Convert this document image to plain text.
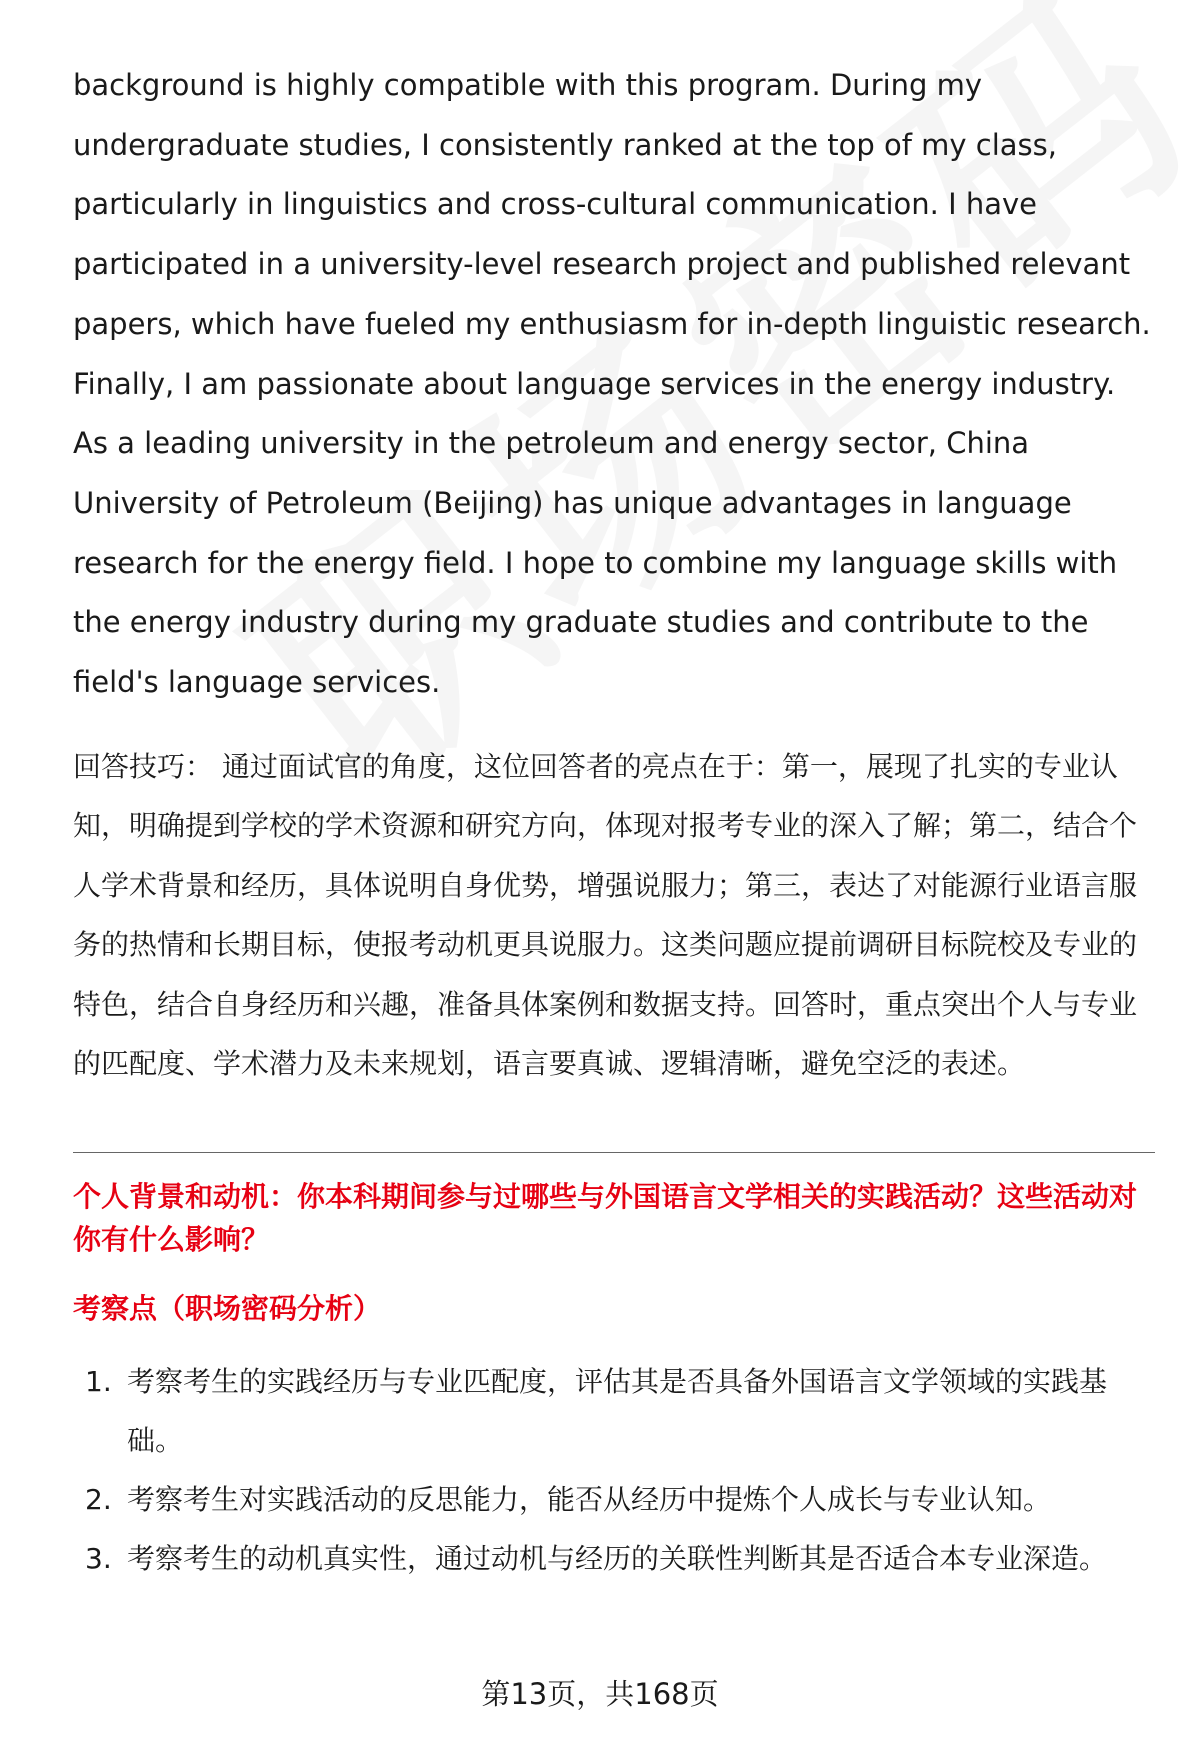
background is highly compatible with this program. During my undergraduate studies, I consistently ranked at the top of my class, particularly in linguistics and cross-cultural communication. I have participated in a university-level research project and published relevant papers, which have fueled my enthusiasm for in-depth linguistic research. Finally, I am passionate about language services in the energy industry. As a leading university in the petroleum and energy sector, China University of Petroleum (Beijing) has unique advantages in language research for the energy field. I hope to combine my language skills with the energy industry during my graduate studies and contribute to the field's language services.

回答技巧： 通过面试官的角度，这位回答者的亮点在于：第一，展现了扎实的专业认知，明确提到学校的学术资源和研究方向，体现对报考专业的深入了解；第二，结合个人学术背景和经历，具体说明自身优势，增强说服力；第三，表达了对能源行业语言服务的热情和长期目标，使报考动机更具说服力。这类问题应提前调研目标院校及专业的特色，结合自身经历和兴趣，准备具体案例和数据支持。回答时，重点突出个人与专业的匹配度、学术潜力及未来规划，语言要真诚、逻辑清晰，避免空泛的表述。

个人背景和动机：你本科期间参与过哪些与外国语言文学相关的实践活动？这些活动对你有什么影响？

考察点（职场密码分析）

1. 考察考生的实践经历与专业匹配度，评估其是否具备外国语言文学领域的实践基础。
2. 考察考生对实践活动的反思能力，能否从经历中提炼个人成长与专业认知。
3. 考察考生的动机真实性，通过动机与经历的关联性判断其是否适合本专业深造。
第13页，共168页
